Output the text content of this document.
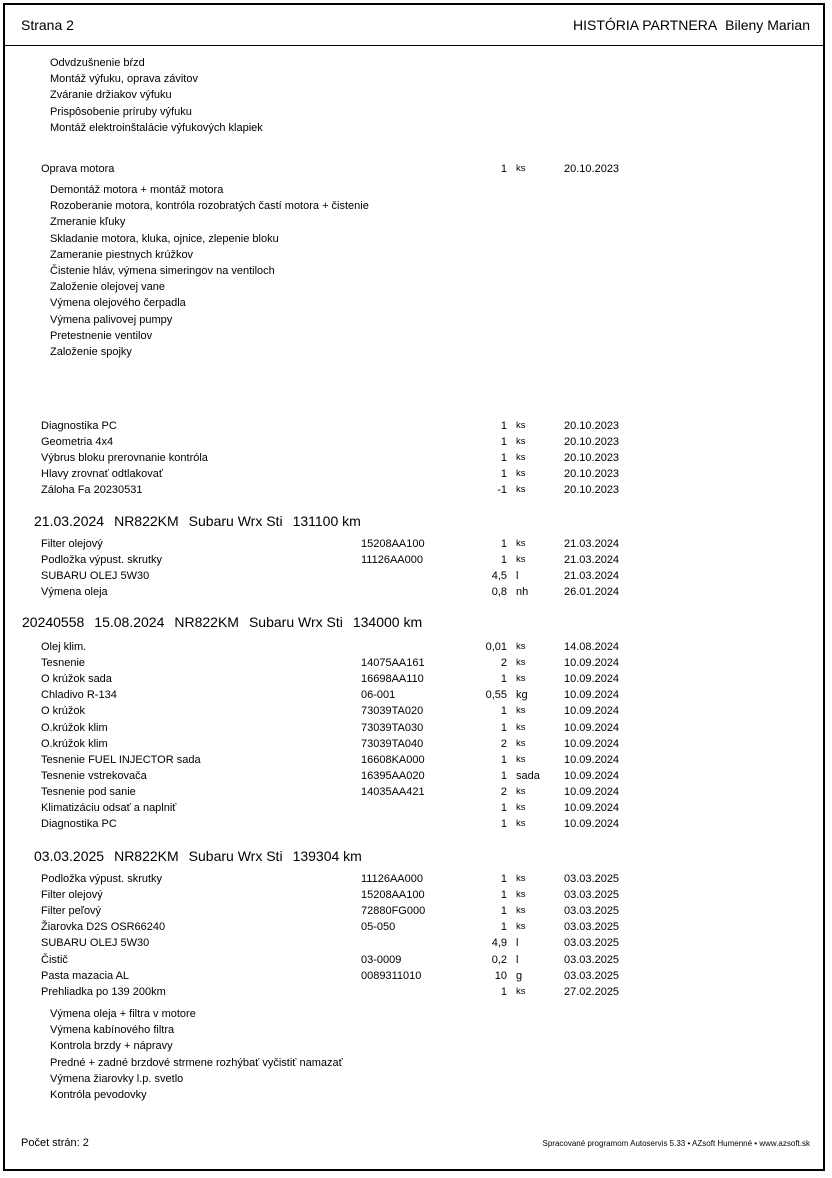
Strana 2	HISTÓRIA PARTNERA Bileny Marian
Odvdzušnenie bŕzd
Montáž výfuku, oprava závitov
Zváranie držiakov výfuku
Prispôsobenie príruby výfuku
Montáž elektroinštalácie výfukových klapiek
Oprava motora	1 ks	20.10.2023
Demontáž motora + montáž motora
Rozoberanie motora, kontróla rozobratých častí motora + čistenie
Zmeranie kľuky
Skladanie motora, kluka, ojnice, zlepenie bloku
Zameranie piestnych krúžkov
Čistenie hláv, výmena simeringov na ventiloch
Založenie olejovej vane
Výmena olejového čerpadla
Výmena palivovej pumpy
Pretestnenie ventilov
Založenie spojky
Diagnostika PC	1 ks	20.10.2023
Geometria 4x4	1 ks	20.10.2023
Výbrus bloku prerovnanie kontróla	1 ks	20.10.2023
Hlavy zrovnať odtlakovať	1 ks	20.10.2023
Záloha Fa 20230531	-1 ks	20.10.2023
21.03.2024 NR822KM Subaru Wrx Sti 131100 km
Filter olejový	15208AA100	1 ks	21.03.2024
Podložka výpust. skrutky	11126AA000	1 ks	21.03.2024
SUBARU OLEJ 5W30	4,5 l	21.03.2024
Výmena oleja	0,8 nh	26.01.2024
20240558 15.08.2024 NR822KM Subaru Wrx Sti 134000 km
Olej klim.	0,01 ks	14.08.2024
Tesnenie	14075AA161	2 ks	10.09.2024
O krúžok sada	16698AA110	1 ks	10.09.2024
Chladivo R-134	06-001	0,55 kg	10.09.2024
O krúžok	73039TA020	1 ks	10.09.2024
O.krúžok klim	73039TA030	1 ks	10.09.2024
O.krúžok klim	73039TA040	2 ks	10.09.2024
Tesnenie FUEL INJECTOR sada	16608KA000	1 ks	10.09.2024
Tesnenie vstrekovača	16395AA020	1 sada 10.09.2024
Tesnenie pod sanie	14035AA421	2 ks	10.09.2024
Klimatizáciu odsať a naplniť	1 ks	10.09.2024
Diagnostika PC	1 ks	10.09.2024
03.03.2025 NR822KM Subaru Wrx Sti 139304 km
Podložka výpust. skrutky	11126AA000	1 ks	03.03.2025
Filter olejový	15208AA100	1 ks	03.03.2025
Filter peľový	72880FG000	1 ks	03.03.2025
Žiarovka D2S OSR66240	05-050	1 ks	03.03.2025
SUBARU OLEJ 5W30	4,9 l	03.03.2025
Čistič	03-0009	0,2 l	03.03.2025
Pasta mazacia AL	0089311010	10 g	03.03.2025
Prehliadka po 139 200km	1 ks	27.02.2025
Výmena oleja + filtra v motore
Výmena kabínového filtra
Kontrola brzdy + nápravy
Predné + zadné brzdové strmene rozhýbať vyčistiť namazať
Výmena žiarovky l.p. svetlo
Kontróla pevodovky
Počet strán: 2	Spracované programom Autoservis 5.33 • AZsoft Humenné • www.azsoft.sk
